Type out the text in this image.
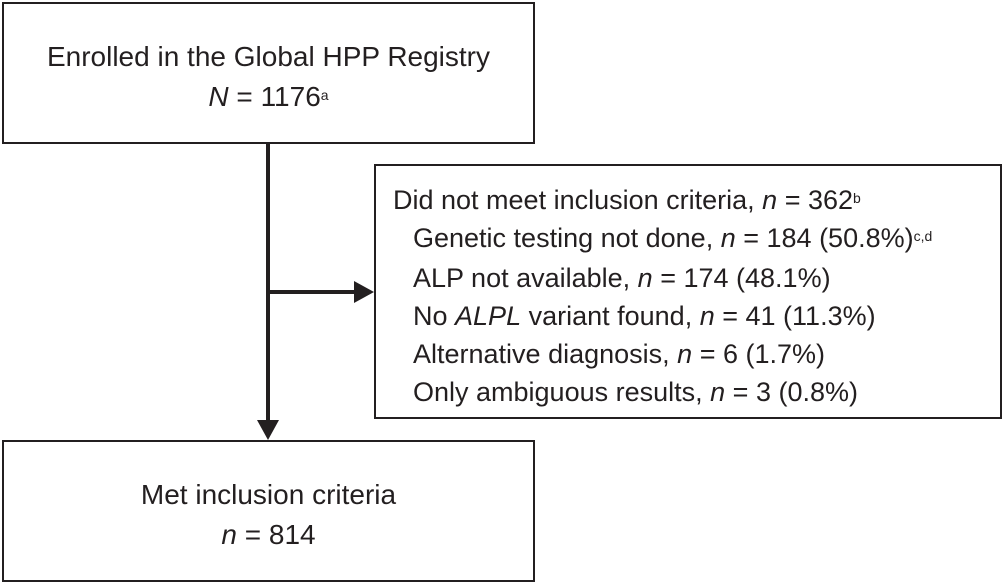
Enrolled in the Global HPP Registry
$N = 1176^a$
Did not meet inclusion criteria, $n = 362^b$
Genetic testing not done, n = 184 $(50.8\%)^{c,d}$
ALP not available, n = 174 (48.1%)
No ALPL variant found, n = 41 (11.3%)
Alternative diagnosis, n = 6 (1.7%)
Only ambiguous results, n = 3 (0.8%)
Met inclusion criteria
n = 814
